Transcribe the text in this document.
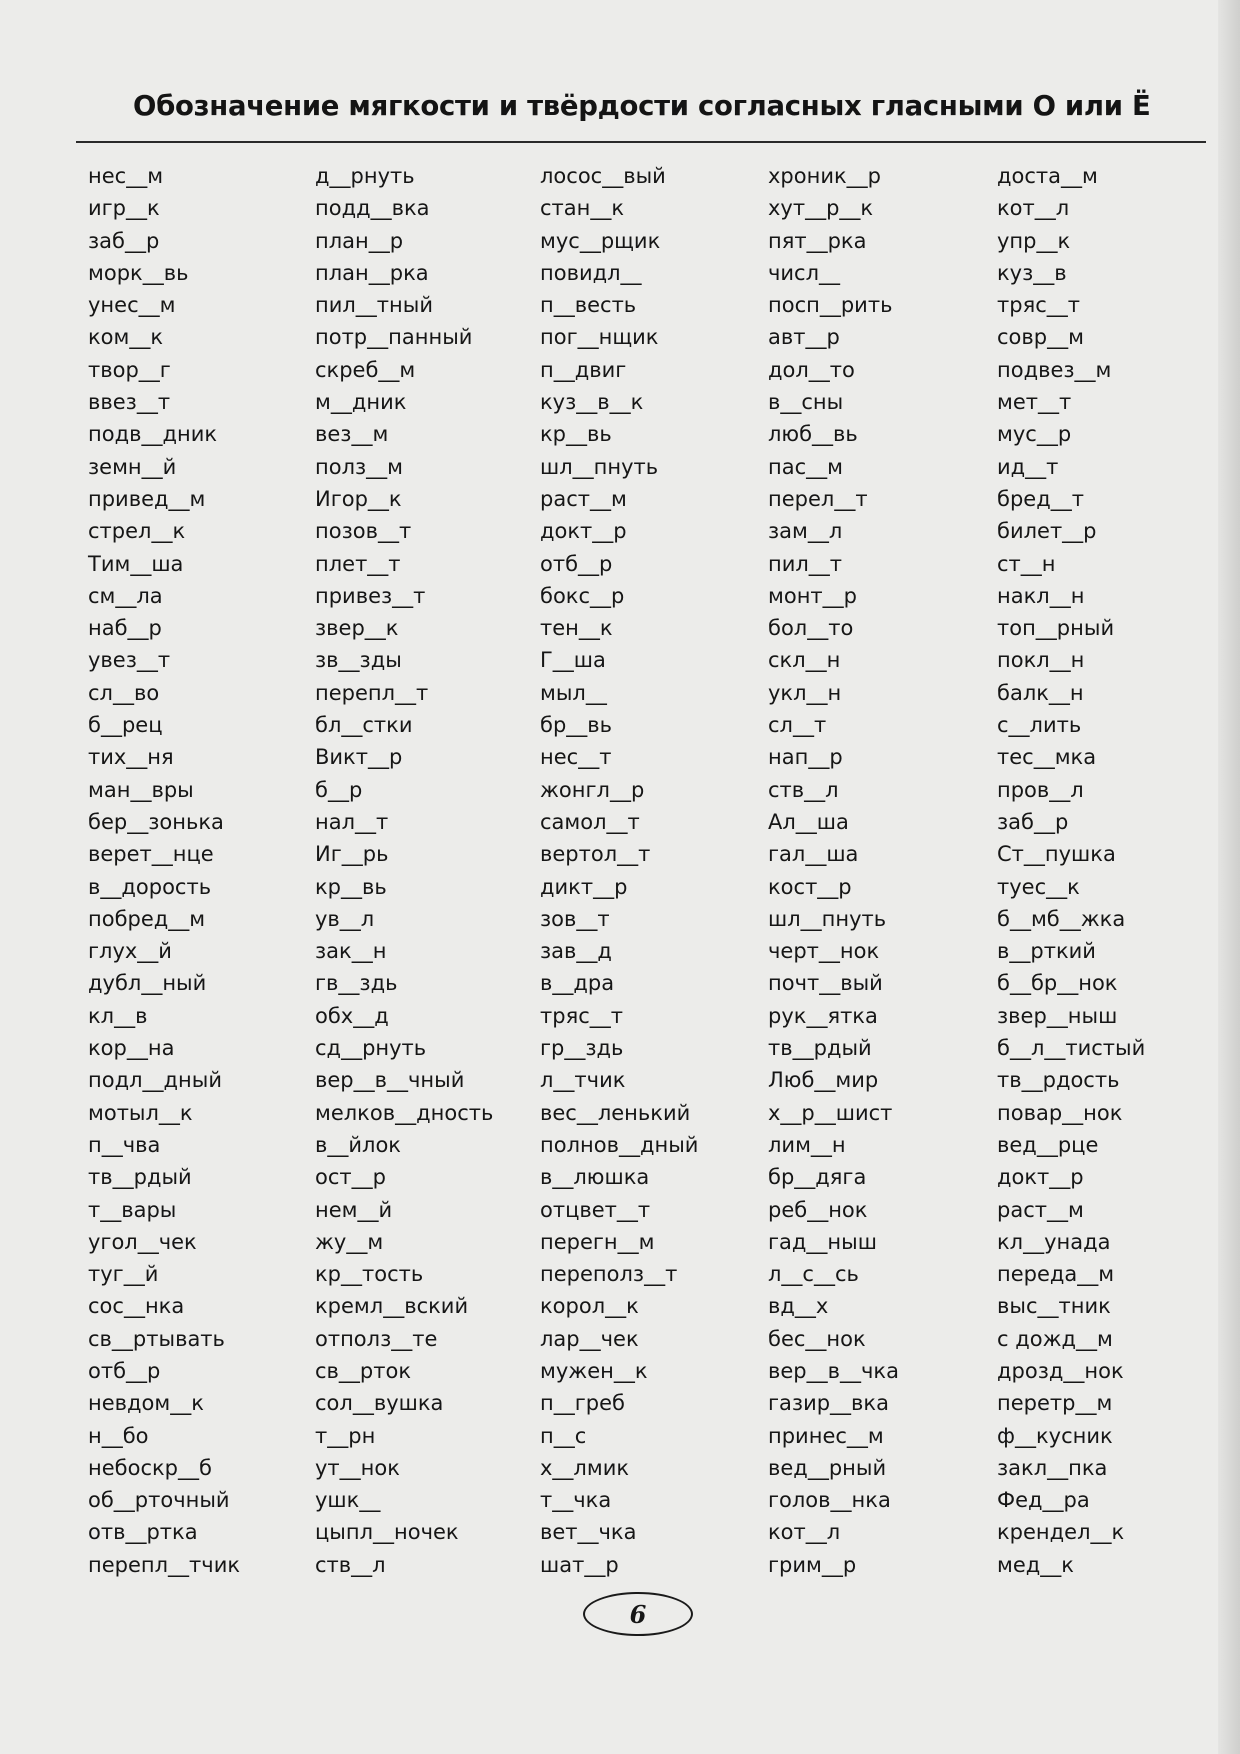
Обозначение мягкости и твёрдости согласных гласными О или Ё
нес__м
игр__к
заб__р
морк__вь
унес__м
ком__к
твор__г
ввез__т
подв__дник
земн__й
привед__м
стрел__к
Тим__ша
см__ла
наб__р
увез__т
сл__во
б__рец
тих__ня
ман__вры
бер__зонька
верет__нце
в__дорость
побред__м
глух__й
дубл__ный
кл__в
кор__на
подл__дный
мотыл__к
п__чва
тв__рдый
т__вары
угол__чек
туг__й
сос__нка
св__ртывать
отб__р
невдом__к
н__бо
небоскр__б
об__рточный
отв__ртка
перепл__тчик
д__рнуть
подд__вка
план__р
план__рка
пил__тный
потр__панный
скреб__м
м__дник
вез__м
полз__м
Игор__к
позов__т
плет__т
привез__т
звер__к
зв__зды
перепл__т
бл__стки
Викт__р
б__р
нал__т
Иг__рь
кр__вь
ув__л
зак__н
гв__здь
обх__д
сд__рнуть
вер__в__чный
мелков__дность
в__йлок
ост__р
нем__й
жу__м
кр__тость
кремл__вский
отполз__те
св__рток
сол__вушка
т__рн
ут__нок
ушк__
цыпл__ночек
ств__л
лосос__вый
стан__к
мус__рщик
повидл__
п__весть
пог__нщик
п__двиг
куз__в__к
кр__вь
шл__пнуть
раст__м
докт__р
отб__р
бокс__р
тен__к
Г__ша
мыл__
бр__вь
нес__т
жонгл__р
самол__т
вертол__т
дикт__р
зов__т
зав__д
в__дра
тряс__т
гр__здь
л__тчик
вес__ленький
полнов__дный
в__люшка
отцвет__т
перегн__м
переполз__т
корол__к
лар__чек
мужен__к
п__греб
п__с
х__лмик
т__чка
вет__чка
шат__р
хроник__р
хут__р__к
пят__рка
числ__
посп__рить
авт__р
дол__то
в__сны
люб__вь
пас__м
перел__т
зам__л
пил__т
монт__р
бол__то
скл__н
укл__н
сл__т
нап__р
ств__л
Ал__ша
гал__ша
кост__р
шл__пнуть
черт__нок
почт__вый
рук__ятка
тв__рдый
Люб__мир
х__р__шист
лим__н
бр__дяга
реб__нок
гад__ныш
л__с__сь
вд__х
бес__нок
вер__в__чка
газир__вка
принес__м
вед__рный
голов__нка
кот__л
грим__р
доста__м
кот__л
упр__к
куз__в
тряс__т
совр__м
подвез__м
мет__т
мус__р
ид__т
бред__т
билет__р
ст__н
накл__н
топ__рный
покл__н
балк__н
с__лить
тес__мка
пров__л
заб__р
Ст__пушка
туес__к
б__мб__жка
в__рткий
б__бр__нок
звер__ныш
б__л__тистый
тв__рдость
повар__нок
вед__рце
докт__р
раст__м
кл__унада
переда__м
выс__тник
с дожд__м
дрозд__нок
перетр__м
ф__кусник
закл__пка
Фед__ра
крендел__к
мед__к
6
